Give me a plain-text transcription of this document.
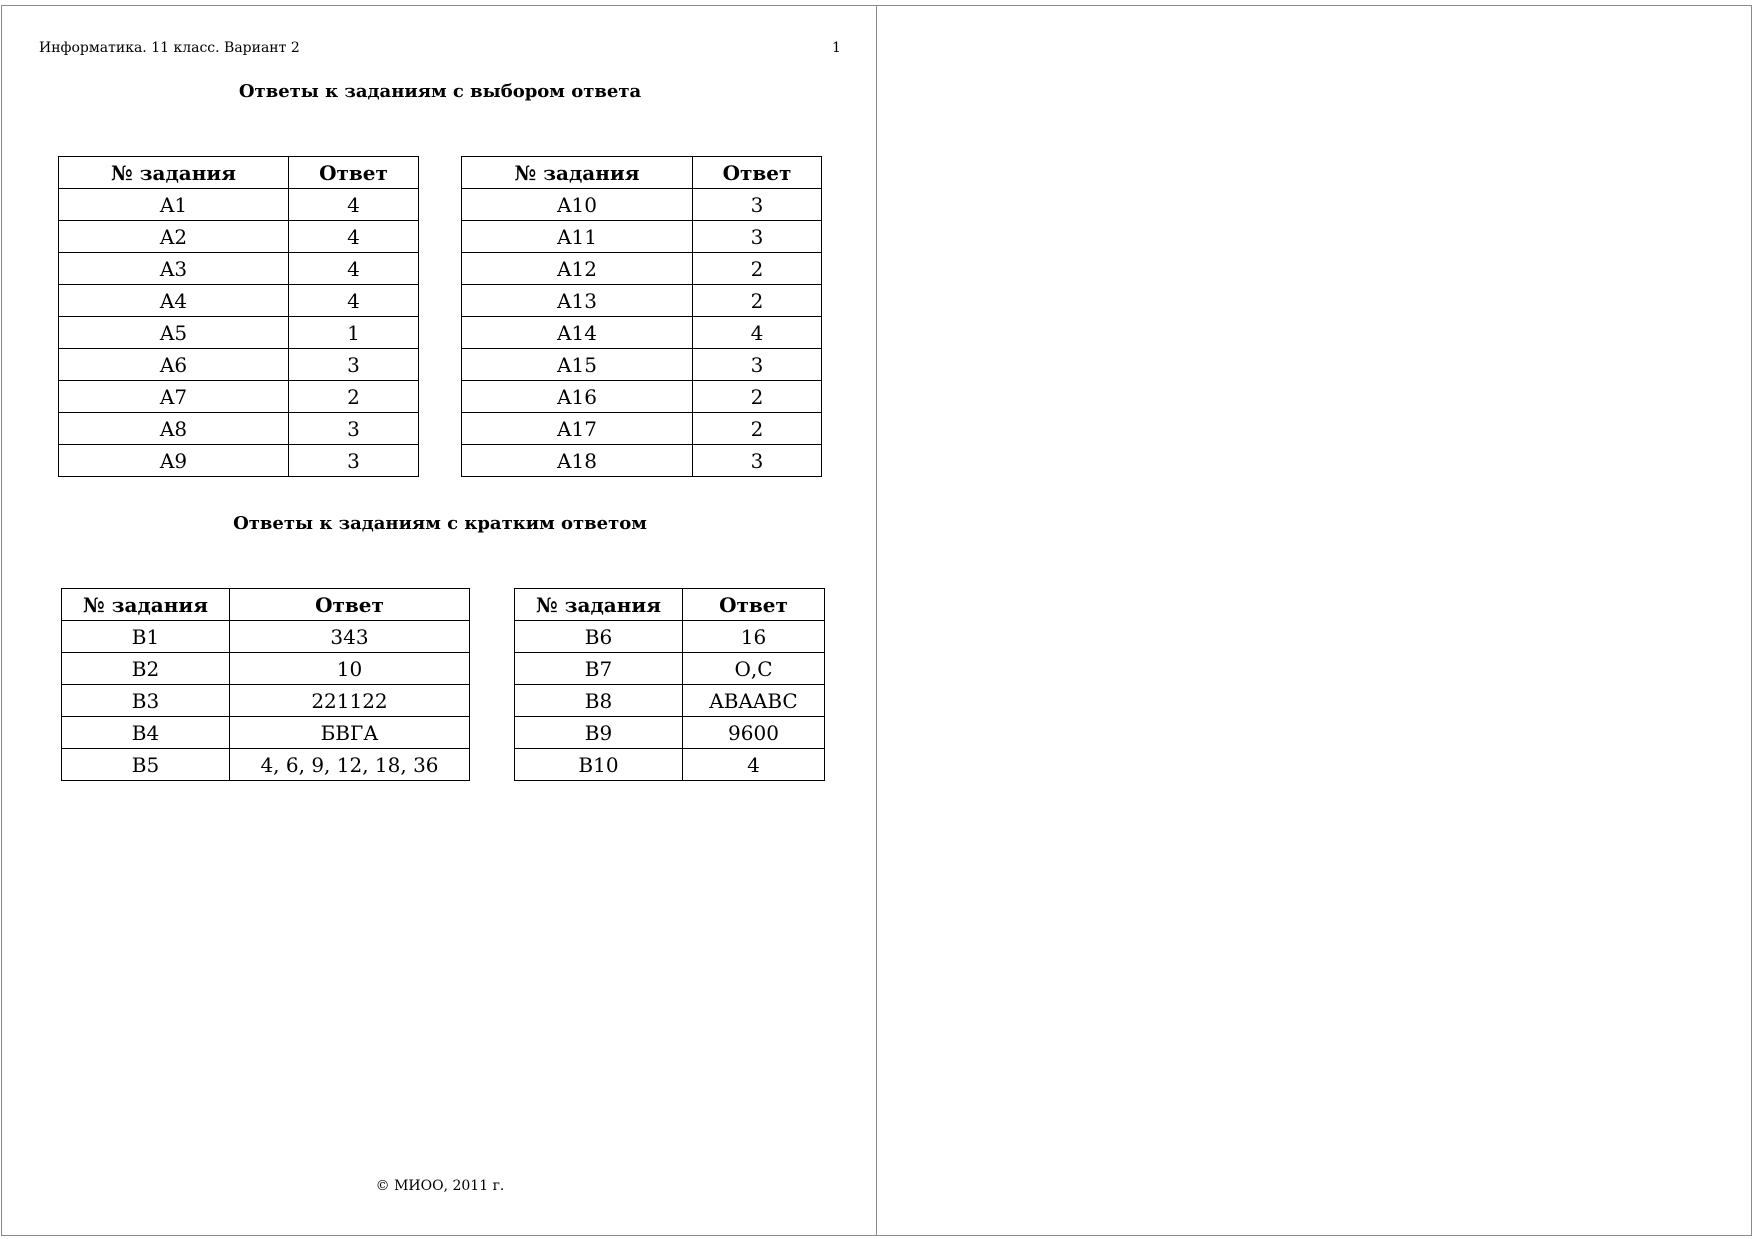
Информатика. 11 класс. Вариант 2	1
Ответы к заданиям с выбором ответа
№ задания	Ответ
A1	4
A2	4
A3	4
A4	4
A5	1
A6	3
A7	2
A8	3
A9	3
№ задания	Ответ
A10	3
A11	3
A12	2
A13	2
A14	4
A15	3
A16	2
A17	2
A18	3
Ответы к заданиям с кратким ответом
№ задания	Ответ
B1	343
B2	10
B3	221122
B4	БВГА
B5	4, 6, 9, 12, 18, 36
№ задания	Ответ
B6	16
B7	О,С
B8	ABAABC
B9	9600
B10	4
© МИОО, 2011 г.
